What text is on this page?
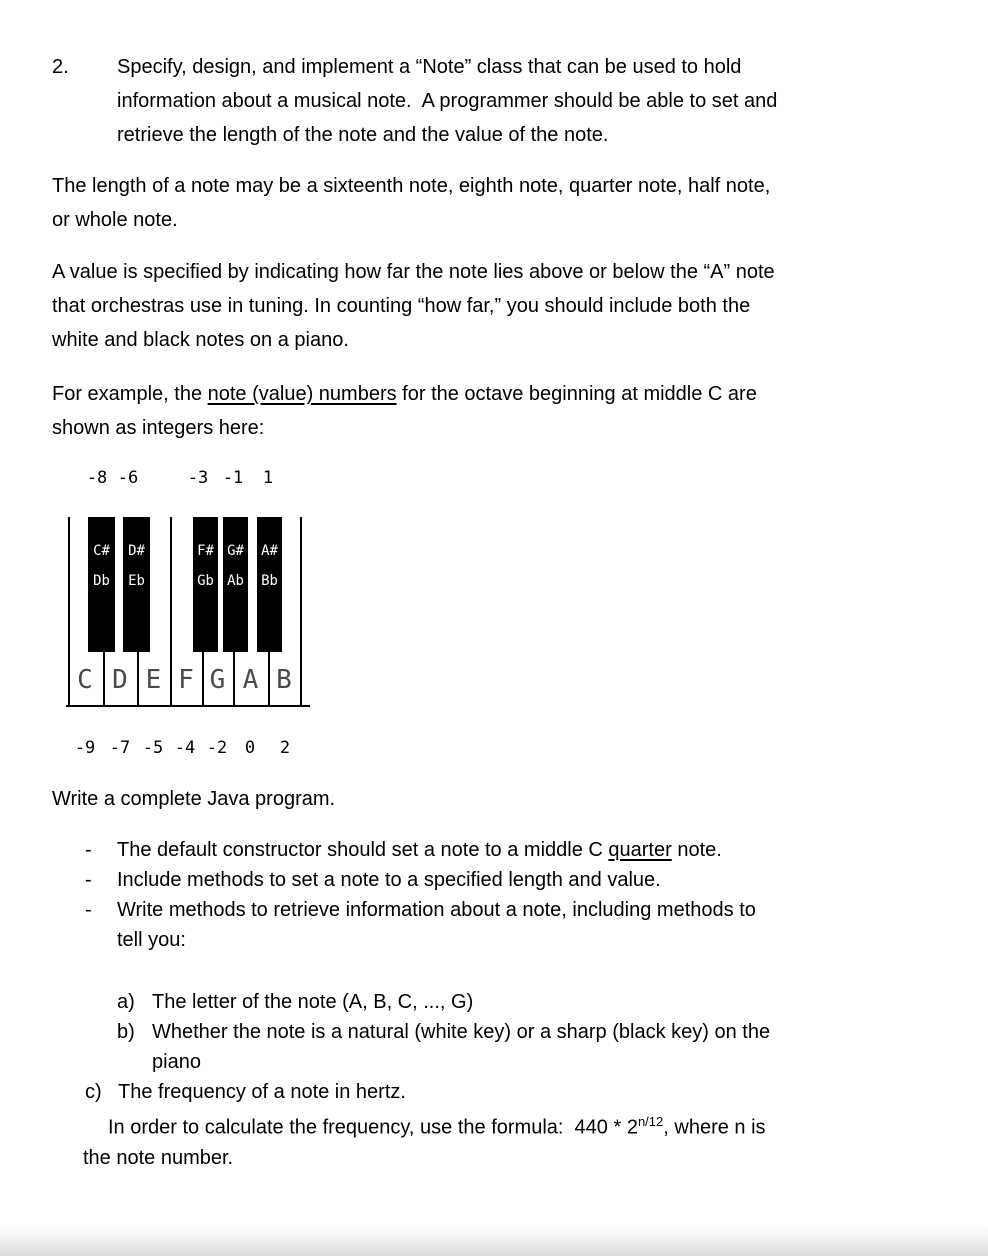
2. Specify, design, and implement a “Note” class that can be used to hold
information about a musical note.  A programmer should be able to set and
retrieve the length of the note and the value of the note.
The length of a note may be a sixteenth note, eighth note, quarter note, half note,
or whole note.
A value is specified by indicating how far the note lies above or below the “A” note
that orchestras use in tuning. In counting “how far,” you should include both the
white and black notes on a piano.
For example, the note (value) numbers for the octave beginning at middle C are
shown as integers here:
-8 -6	-3 -1	1
C D E F G A B
C#
Db
D#
Eb
F#
Gb
G#
Ab
A#
Bb
-9 -7 -5 -4 -2	0	2
Write a complete Java program.
- The default constructor should set a note to a middle C quarter note.
- Include methods to set a note to a specified length and value.
- Write methods to retrieve information about a note, including methods to
tell you:
a) The letter of the note (A, B, C, ..., G)
b) Whether the note is a natural (white key) or a sharp (black key) on the
piano
c) The frequency of a note in hertz.
In order to calculate the frequency, use the formula:  $440 * 2^{n/12}$, where n is
the note number.
